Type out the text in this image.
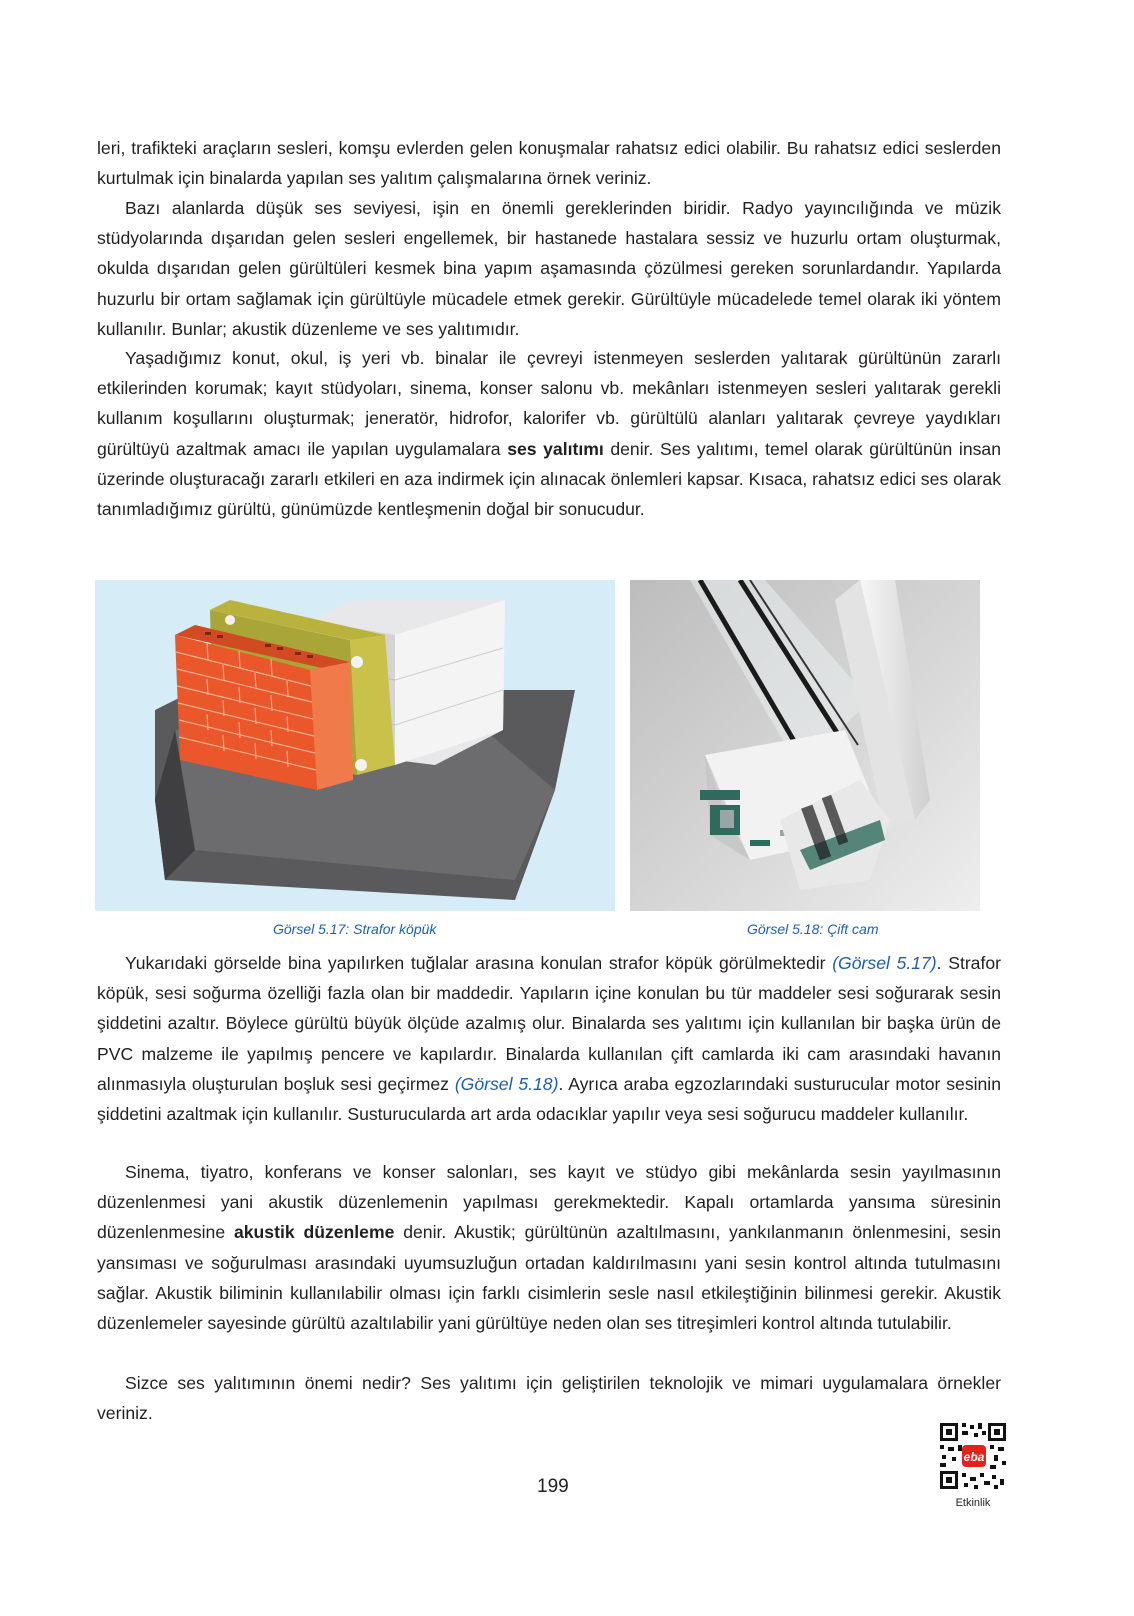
leri, trafikteki araçların sesleri, komşu evlerden gelen konuşmalar rahatsız edici olabilir. Bu rahatsız edici seslerden kurtulmak için binalarda yapılan ses yalıtım çalışmalarına örnek veriniz.

Bazı alanlarda düşük ses seviyesi, işin en önemli gereklerinden biridir. Radyo yayıncılığında ve müzik stüdyolarında dışarıdan gelen sesleri engellemek, bir hastanede hastalara sessiz ve huzurlu ortam oluşturmak, okulda dışarıdan gelen gürültüleri kesmek bina yapım aşamasında çözülmesi gereken sorunlardandır. Yapılarda huzurlu bir ortam sağlamak için gürültüyle mücadele etmek gerekir. Gürültüyle mücadelede temel olarak iki yöntem kullanılır. Bunlar; akustik düzenleme ve ses yalıtımıdır.

Yaşadığımız konut, okul, iş yeri vb. binalar ile çevreyi istenmeyen seslerden yalıtarak gürültünün zararlı etkilerinden korumak; kayıt stüdyoları, sinema, konser salonu vb. mekânları istenmeyen sesleri yalıtarak gerekli kullanım koşullarını oluşturmak; jeneratör, hidrofor, kalorifer vb. gürültülü alanları yalıtarak çevreye yaydıkları gürültüyü azaltmak amacı ile yapılan uygulamalara ses yalıtımı denir. Ses yalıtımı, temel olarak gürültünün insan üzerinde oluşturacağı zararlı etkileri en aza indirmek için alınacak önlemleri kapsar. Kısaca, rahatsız edici ses olarak tanımladığımız gürültü, günümüzde kentleşmenin doğal bir sonucudur.

Görsel 5.17: Strafor köpük	Görsel 5.18: Çift cam

Yukarıdaki görselde bina yapılırken tuğlalar arasına konulan strafor köpük görülmektedir (Görsel 5.17). Strafor köpük, sesi soğurma özelliği fazla olan bir maddedir. Yapıların içine konulan bu tür maddeler sesi soğurarak sesin şiddetini azaltır. Böylece gürültü büyük ölçüde azalmış olur. Binalarda ses yalıtımı için kullanılan bir başka ürün de PVC malzeme ile yapılmış pencere ve kapılardır. Binalarda kullanılan çift camlarda iki cam arasındaki havanın alınmasıyla oluşturulan boşluk sesi geçirmez (Görsel 5.18). Ayrıca araba egzozlarındaki susturucular motor sesinin şiddetini azaltmak için kullanılır. Susturucularda art arda odacıklar yapılır veya sesi soğurucu maddeler kullanılır.

Sinema, tiyatro, konferans ve konser salonları, ses kayıt ve stüdyo gibi mekânlarda sesin yayılmasının düzenlenmesi yani akustik düzenlemenin yapılması gerekmektedir. Kapalı ortamlarda yansıma süresinin düzenlenmesine akustik düzenleme denir. Akustik; gürültünün azaltılmasını, yankılanmanın önlenmesini, sesin yansıması ve soğurulması arasındaki uyumsuzluğun ortadan kaldırılmasını yani sesin kontrol altında tutulmasını sağlar. Akustik biliminin kullanılabilir olması için farklı cisimlerin sesle nasıl etkileştiğinin bilinmesi gerekir. Akustik düzenlemeler sayesinde gürültü azaltılabilir yani gürültüye neden olan ses titreşimleri kontrol altında tutulabilir.

Sizce ses yalıtımının önemi nedir? Ses yalıtımı için geliştirilen teknolojik ve mimari uygulamalara örnekler veriniz.

199
eba
Etkinlik
